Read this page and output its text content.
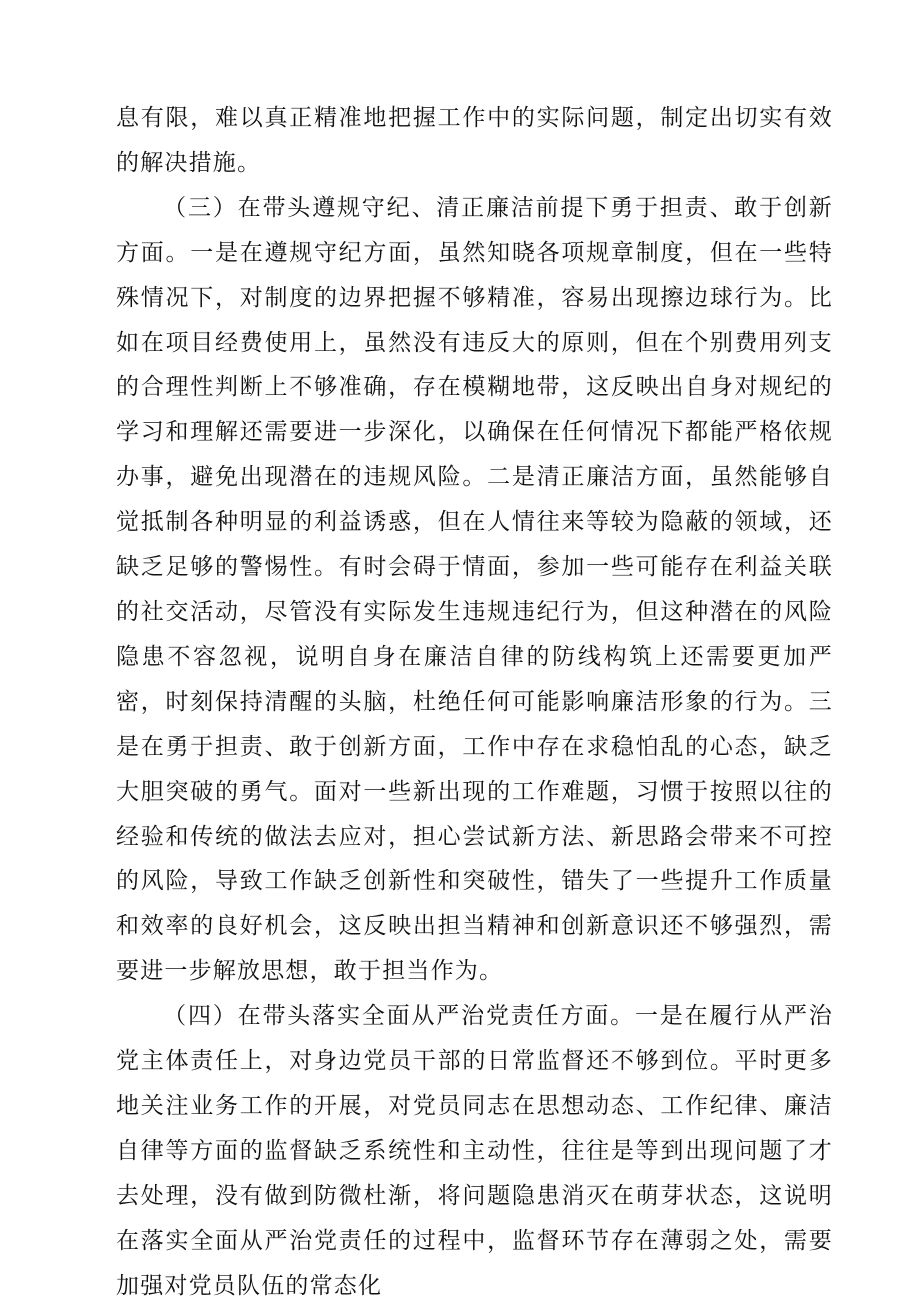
息有限，难以真正精准地把握工作中的实际问题，制定出切实有效的解决措施。

（三）在带头遵规守纪、清正廉洁前提下勇于担责、敢于创新方面。一是在遵规守纪方面，虽然知晓各项规章制度，但在一些特殊情况下，对制度的边界把握不够精准，容易出现擦边球行为。比如在项目经费使用上，虽然没有违反大的原则，但在个别费用列支的合理性判断上不够准确，存在模糊地带，这反映出自身对规纪的学习和理解还需要进一步深化，以确保在任何情况下都能严格依规办事，避免出现潜在的违规风险。二是清正廉洁方面，虽然能够自觉抵制各种明显的利益诱惑，但在人情往来等较为隐蔽的领域，还缺乏足够的警惕性。有时会碍于情面，参加一些可能存在利益关联的社交活动，尽管没有实际发生违规违纪行为，但这种潜在的风险隐患不容忽视，说明自身在廉洁自律的防线构筑上还需要更加严密，时刻保持清醒的头脑，杜绝任何可能影响廉洁形象的行为。三是在勇于担责、敢于创新方面，工作中存在求稳怕乱的心态，缺乏大胆突破的勇气。面对一些新出现的工作难题，习惯于按照以往的经验和传统的做法去应对，担心尝试新方法、新思路会带来不可控的风险，导致工作缺乏创新性和突破性，错失了一些提升工作质量和效率的良好机会，这反映出担当精神和创新意识还不够强烈，需要进一步解放思想，敢于担当作为。

（四）在带头落实全面从严治党责任方面。一是在履行从严治党主体责任上，对身边党员干部的日常监督还不够到位。平时更多地关注业务工作的开展，对党员同志在思想动态、工作纪律、廉洁自律等方面的监督缺乏系统性和主动性，往往是等到出现问题了才去处理，没有做到防微杜渐，将问题隐患消灭在萌芽状态，这说明在落实全面从严治党责任的过程中，监督环节存在薄弱之处，需要加强对党员队伍的常态化
